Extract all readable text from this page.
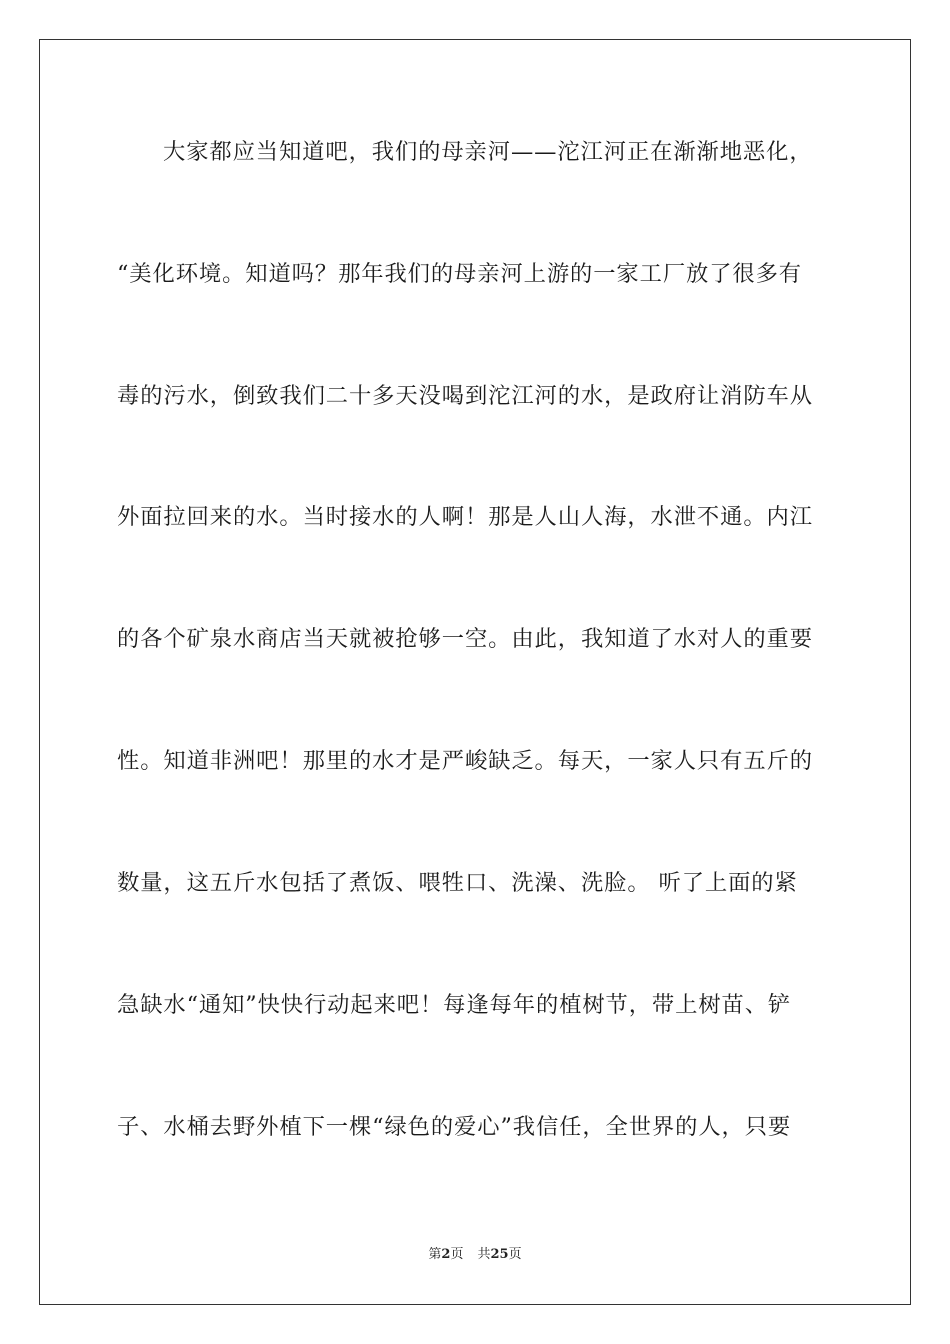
大家都应当知道吧，我们的母亲河——沱江河正在渐渐地恶化，
“美化环境。知道吗？那年我们的母亲河上游的一家工厂放了很多有
毒的污水，倒致我们二十多天没喝到沱江河的水，是政府让消防车从
外面拉回来的水。当时接水的人啊！那是人山人海，水泄不通。内江
的各个矿泉水商店当天就被抢够一空。由此，我知道了水对人的重要
性。知道非洲吧！那里的水才是严峻缺乏。每天，一家人只有五斤的
数量，这五斤水包括了煮饭、喂牲口、洗澡、洗脸。 听了上面的紧
急缺水“通知”快快行动起来吧！每逢每年的植树节，带上树苗、铲
子、水桶去野外植下一棵“绿色的爱心”我信任，全世界的人，只要
第2页 共25页
